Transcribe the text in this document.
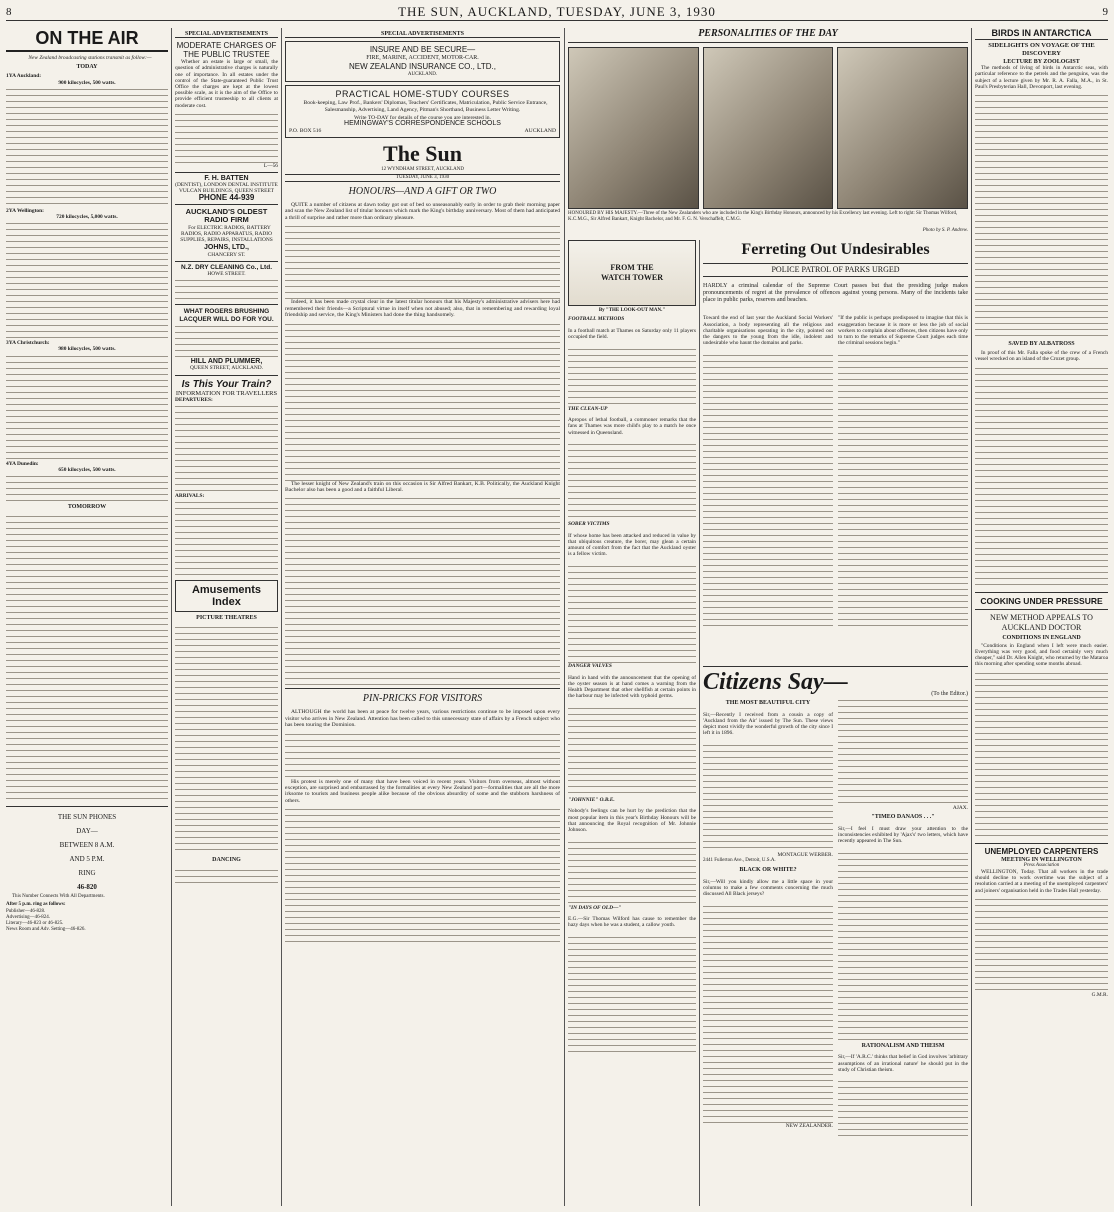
8	THE SUN, AUCKLAND, TUESDAY, JUNE 3, 1930	9
ON THE AIR

New Zealand broadcasting stations transmit as follow:—

TODAY
1YA Auckland:
900 kilocycles, 500 watts.
2YA Wellington:
720 kilocycles, 5,000 watts.
3YA Christchurch:
980 kilocycles, 500 watts.
4YA Dunedin:
650 kilocycles, 500 watts.
TOMORROW
THE SUN PHONES
DAY—
BETWEEN 8 A.M.
AND 5 P.M.
RING
46-820

This Number Connects With All Departments.

After 5 p.m. ring as follows:
Publisher—46-828.
Advertising—46-824.
Literary—46-823 or 46-825.
News Room and Adv. Setting—46-826.
SPECIAL ADVERTISEMENTS
MODERATE CHARGES OF THE PUBLIC TRUSTEE

Whether an estate is large or small, the question of administrative charges is naturally one of importance. In all estates under the control of the State-guaranteed Public Trust Office the charges are kept at the lowest possible scale, as it is the aim of the Office to provide efficient trusteeship to all clients at moderate cost.

L—56
F. H. BATTEN
(DENTIST), LONDON DENTAL INSTITUTE
VULCAN BUILDINGS, QUEEN STREET
PHONE 44-939
AUCKLAND'S OLDEST RADIO FIRM

For ELECTRIC RADIOS, BATTERY RADIOS, RADIO APPARATUS, RADIO SUPPLIES, REPAIRS, INSTALLATIONS

JOHNS, LTD.,
CHANCERY ST.
N.Z. DRY CLEANING Co., Ltd.
HOWE STREET.
WHAT ROGERS BRUSHING LACQUER WILL DO FOR YOU.
HILL AND PLUMMER,
QUEEN STREET, AUCKLAND.
Is This Your Train?
INFORMATION FOR TRAVELLERS
DEPARTURES:
ARRIVALS:
Amusements Index
PICTURE THEATRES
DANCING
SPECIAL ADVERTISEMENTS
INSURE AND BE SECURE—
FIRE, MARINE, ACCIDENT, MOTOR-CAR.
NEW ZEALAND INSURANCE CO., LTD.,
AUCKLAND.
PRACTICAL HOME-STUDY COURSES

Book-keeping, Law Prof., Bankers' Diplomas, Teachers' Certificates, Matriculation, Public Service Entrance, Salesmanship, Advertising, Land Agency, Pitman's Shorthand, Business Letter Writing.

Write TO-DAY for details of the course you are interested in.
HEMINGWAY'S CORRESPONDENCE SCHOOLS
P.O. BOX 516	AUCKLAND
The Sun
12 WYNDHAM STREET, AUCKLAND
TUESDAY, JUNE 3, 1930
HONOURS—AND A GIFT OR TWO

QUITE a number of citizens at dawn today got out of bed so unseasonably early in order to grab their morning paper and scan the New Zealand list of titular honours which mark the King's birthday anniversary. Most of them had anticipated a thrill of surprise and rather more than ordinary pleasure.

Indeed, it has been made crystal clear in the latest titular honours that his Majesty's administrative advisers here had remembered their friends—a Scriptural virtue in itself when not abused; also, that in remembering and rewarding loyal friendship and service, the King's Ministers had done the thing handsomely.

The lesser knight of New Zealand's train on this occasion is Sir Alfred Bankart, K.B. Politically, the Auckland Knight Bachelor also has been a good and a faithful Liberal.

PIN-PRICKS FOR VISITORS

ALTHOUGH the world has been at peace for twelve years, various restrictions continue to be imposed upon every visitor who arrives in New Zealand. Attention has been called to this unnecessary state of affairs by a French subject who has been touring the Dominion.

His protest is merely one of many that have been voiced in recent years. Visitors from overseas, almost without exception, are surprised and embarrassed by the formalities at every New Zealand port—formalities that are all the more irksome to tourists and business people alike because of the obvious absurdity of some and the stubborn harshness of others.

PERSONALITIES OF THE DAY

HONOURED BY HIS MAJESTY.—Three of the New Zealanders who are included in the King's Birthday Honours, announced by his Excellency last evening. Left to right: Sir Thomas Wilford, K.C.M.G., Sir Alfred Bankart, Knight Bachelor, and Mr. F. G. N. Verschaffelt, C.M.G.

Photo by S. P. Andrew.
FROM THE WATCH TOWER
By "THE LOOK-OUT MAN."
FOOTBALL METHODS

In a football match at Thames on Saturday only 11 players occupied the field.

THE CLEAN-UP

Apropos of lethal football, a commoner remarks that the fans at Thames was more child's play to a match he once witnessed in Queensland.

SOBER VICTIMS

If whose home has been attacked and reduced in value by that ubiquitous creature, the borer, may glean a certain amount of comfort from the fact that the Auckland oyster is a fellow victim.

DANGER VALVES

Hand in hand with the announcement that the opening of the oyster season is at hand comes a warning from the Health Department that other shellfish at certain points in the harbour may be infected with typhoid germs.

"JOHNNIE" O.B.E.

Nobody's feelings can be hurt by the prediction that the most popular item in this year's Birthday Honours will be that announcing the Royal recognition of Mr. Johnnie Johnson.

"IN DAYS OF OLD—"

E.G.—Sir Thomas Wilford has cause to remember the hazy days when he was a student, a callow youth.

Ferreting Out Undesirables
POLICE PATROL OF PARKS URGED

HARDLY a criminal calendar of the Supreme Court passes but that the presiding judge makes pronouncements of regret at the prevalence of offences against young persons. Many of the incidents take place in public parks, reserves and beaches.

Toward the end of last year the Auckland Social Workers' Association, a body representing all the religious and charitable organisations operating in the city, pointed out the dangers to the young from the idle, indolent and undesirable who haunt the domains and parks.

"If the public is perhaps predisposed to imagine that this is exaggeration because it is more or less the job of social workers to complain about offences, then citizens have only to turn to the remarks of Supreme Court judges each time the criminal sessions begin."

Citizens Say—	(To the Editor.)
THE MOST BEAUTIFUL CITY

Sir,—Recently I received from a cousin a copy of 'Auckland from the Air' issued by The Sun. These views depict most vividly the wonderful growth of the city since I left it in 1896.

MONTAGUE WERBER.
2441 Fullerton Ave., Detroit, U.S.A.
BLACK OR WHITE?

Sir,—Will you kindly allow me a little space in your columns to make a few comments concerning the much discussed All Black jerseys?

NEW ZEALANDER.
AJAX.
"TIMEO DANAOS . . ."

Sir,—I feel I must draw your attention to the inconsistencies exhibited by 'Ajax's' two letters, which have recently appeared in The Sun.

RATIONALISM AND THEISM

Sir,—If 'A.R.C.' thinks that belief in God involves 'arbitrary assumptions of an irrational nature' he should put in the study of Christian theism.

BIRDS IN ANTARCTICA
SIDELIGHTS ON VOYAGE OF THE DISCOVERY
LECTURE BY ZOOLOGIST

The methods of living of birds in Antarctic seas, with particular reference to the petrels and the penguins, was the subject of a lecture given by Mr. R. A. Falla, M.A., in St. Paul's Presbyterian Hall, Devonport, last evening.

SAVED BY ALBATROSS

In proof of this Mr. Falla spoke of the crew of a French vessel wrecked on an island of the Crozet group.

COOKING UNDER PRESSURE
NEW METHOD APPEALS TO AUCKLAND DOCTOR
CONDITIONS IN ENGLAND

"Conditions in England when I left were much easier. Everything was very good, and food certainly very much cheaper," said Dr. Allen Knight, who returned by the Mataroa this morning after spending some months abroad.

UNEMPLOYED CARPENTERS
MEETING IN WELLINGTON
Press Association

WELLINGTON, Today. That all workers in the trade should decline to work overtime was the subject of a resolution carried at a meeting of the unemployed carpenters' and joiners' organisation held in the Trades Hall yesterday.

G.M.R.
